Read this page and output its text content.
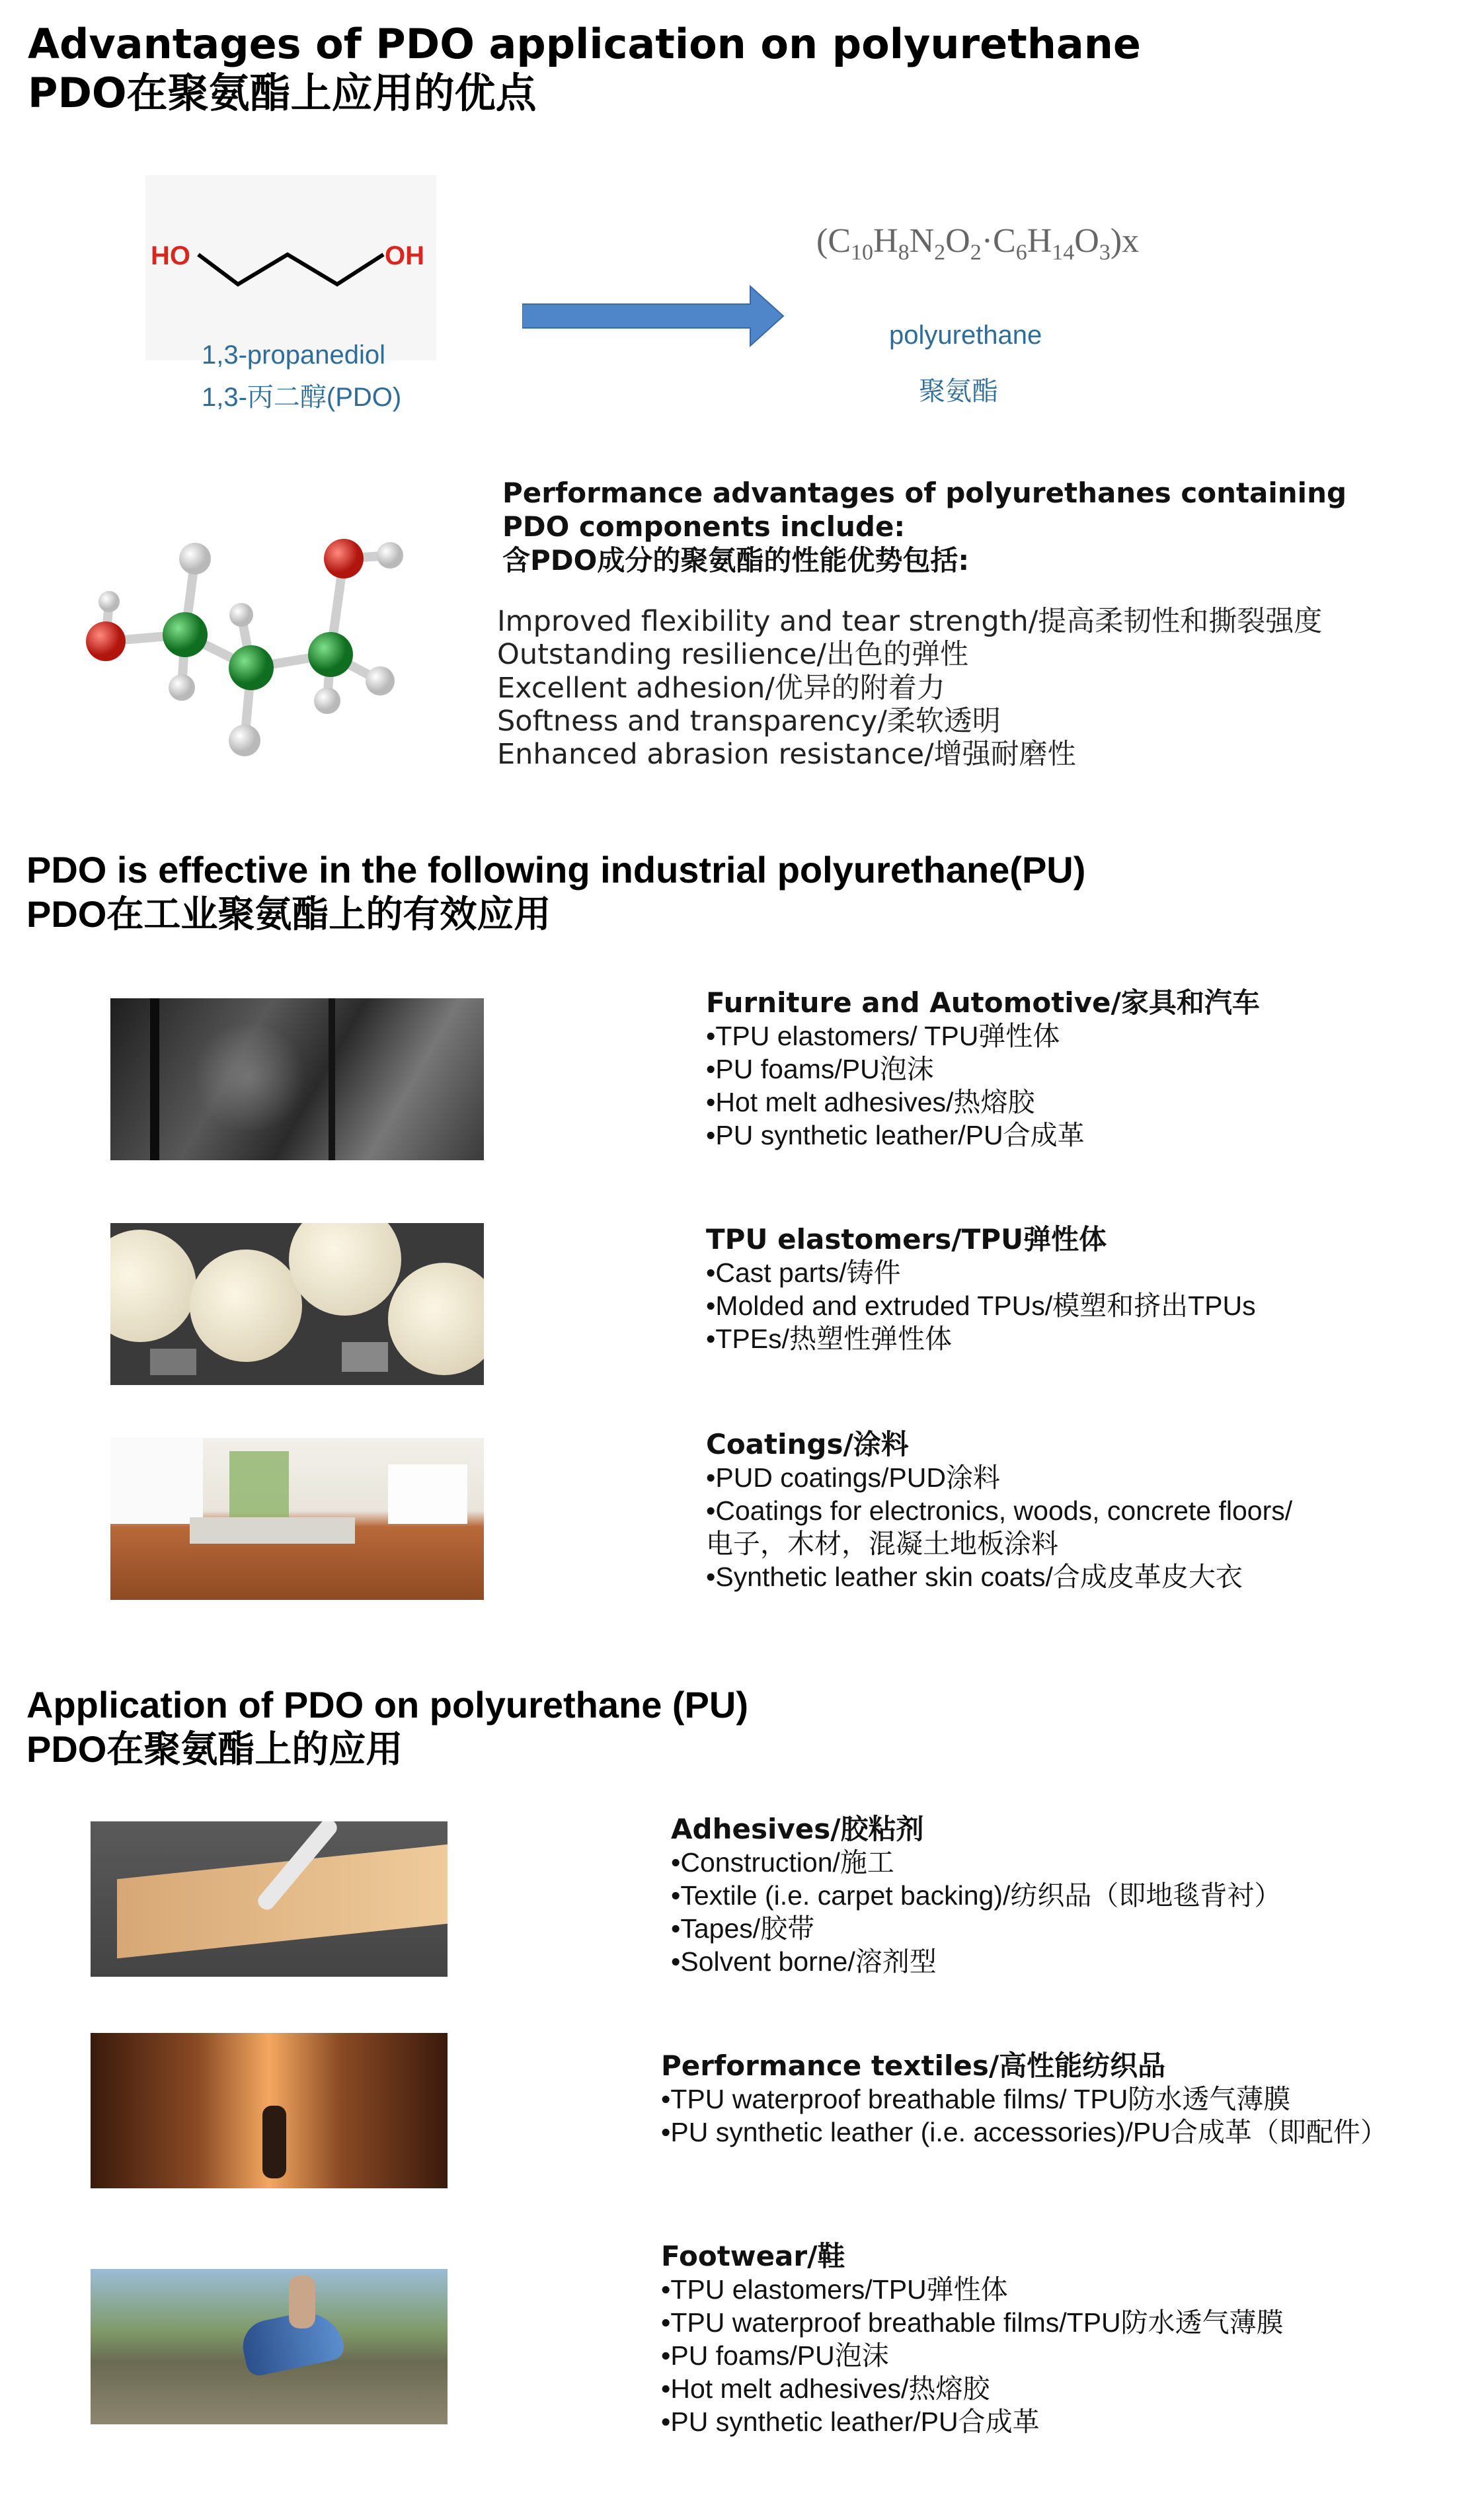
Advantages of PDO application on polyurethane
PDO在聚氨酯上应用的优点
HO	OH
1,3-propanediol
1,3-丙二醇(PDO)
$(C_{10}H_8N_2O_2\cdot C_6H_{14}O_3)x$
polyurethane
聚氨酯
Performance advantages of polyurethanes containing
PDO components include:
含PDO成分的聚氨酯的性能优势包括:
Improved flexibility and tear strength/提高柔韧性和撕裂强度
Outstanding resilience/出色的弹性
Excellent adhesion/优异的附着力
Softness and transparency/柔软透明
Enhanced abrasion resistance/增强耐磨性
PDO is effective in the following industrial polyurethane(PU)
PDO在工业聚氨酯上的有效应用
Furniture and Automotive/家具和汽车
•TPU elastomers/ TPU弹性体
•PU foams/PU泡沫
•Hot melt adhesives/热熔胶
•PU synthetic leather/PU合成革
TPU elastomers/TPU弹性体
•Cast parts/铸件
•Molded and extruded TPUs/模塑和挤出TPUs
•TPEs/热塑性弹性体
Coatings/涂料
•PUD coatings/PUD涂料
•Coatings for electronics, woods, concrete floors/
电子，木材，混凝土地板涂料
•Synthetic leather skin coats/合成皮革皮大衣
Application of PDO on polyurethane (PU)
PDO在聚氨酯上的应用
Adhesives/胶粘剂
•Construction/施工
•Textile (i.e. carpet backing)/纺织品（即地毯背衬）
•Tapes/胶带
•Solvent borne/溶剂型
Performance textiles/高性能纺织品
•TPU waterproof breathable films/ TPU防水透气薄膜
•PU synthetic leather (i.e. accessories)/PU合成革（即配件）
Footwear/鞋
•TPU elastomers/TPU弹性体
•TPU waterproof breathable films/TPU防水透气薄膜
•PU foams/PU泡沫
•Hot melt adhesives/热熔胶
•PU synthetic leather/PU合成革
